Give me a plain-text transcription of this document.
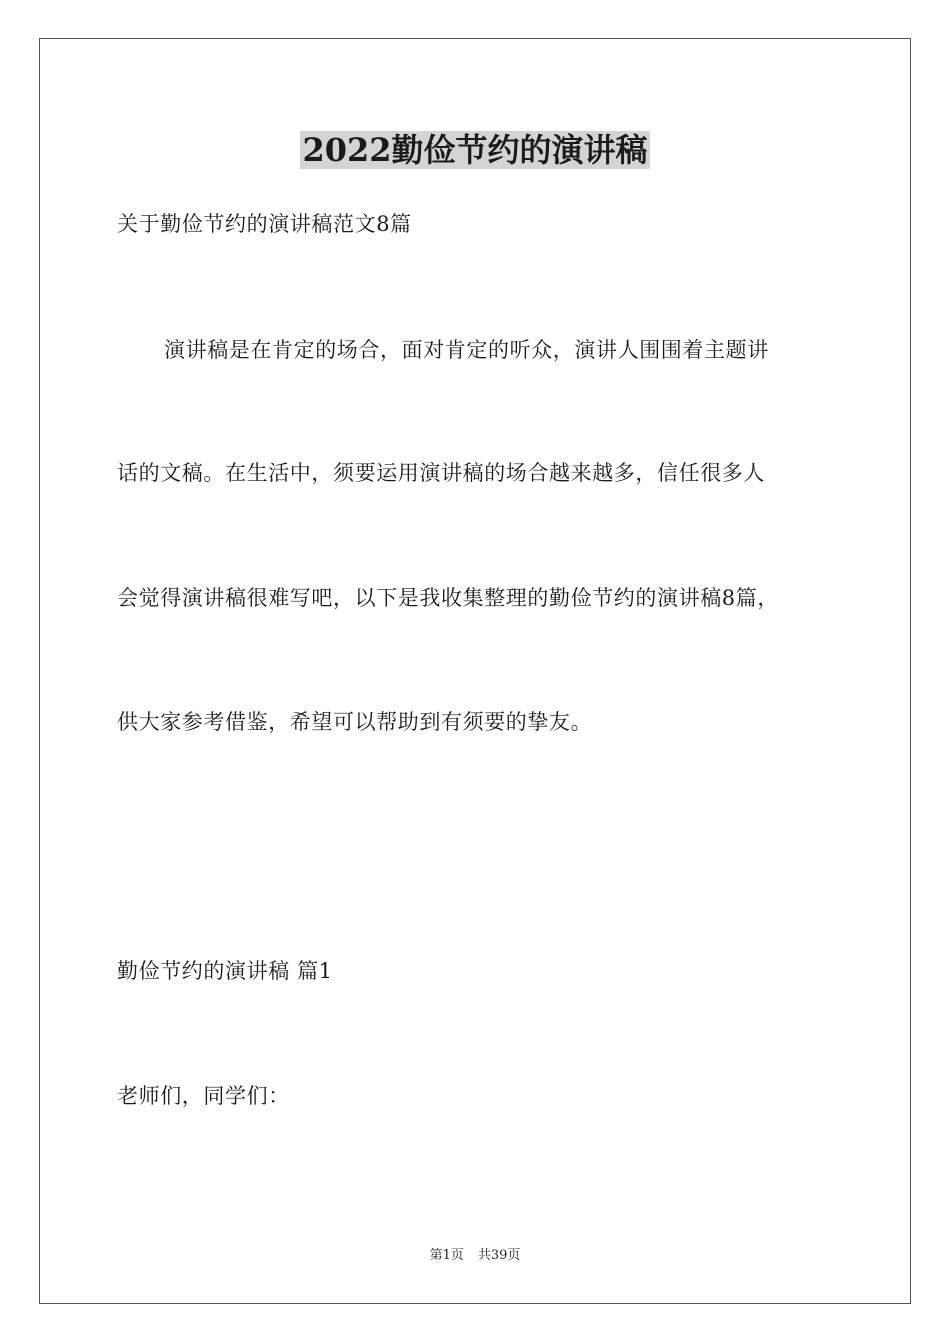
2022勤俭节约的演讲稿
关于勤俭节约的演讲稿范文8篇
演讲稿是在肯定的场合，面对肯定的听众，演讲人围围着主题讲
话的文稿。在生活中，须要运用演讲稿的场合越来越多，信任很多人
会觉得演讲稿很难写吧，以下是我收集整理的勤俭节约的演讲稿8篇，
供大家参考借鉴，希望可以帮助到有须要的挚友。
勤俭节约的演讲稿 篇1
老师们，同学们：
第1页 共39页
